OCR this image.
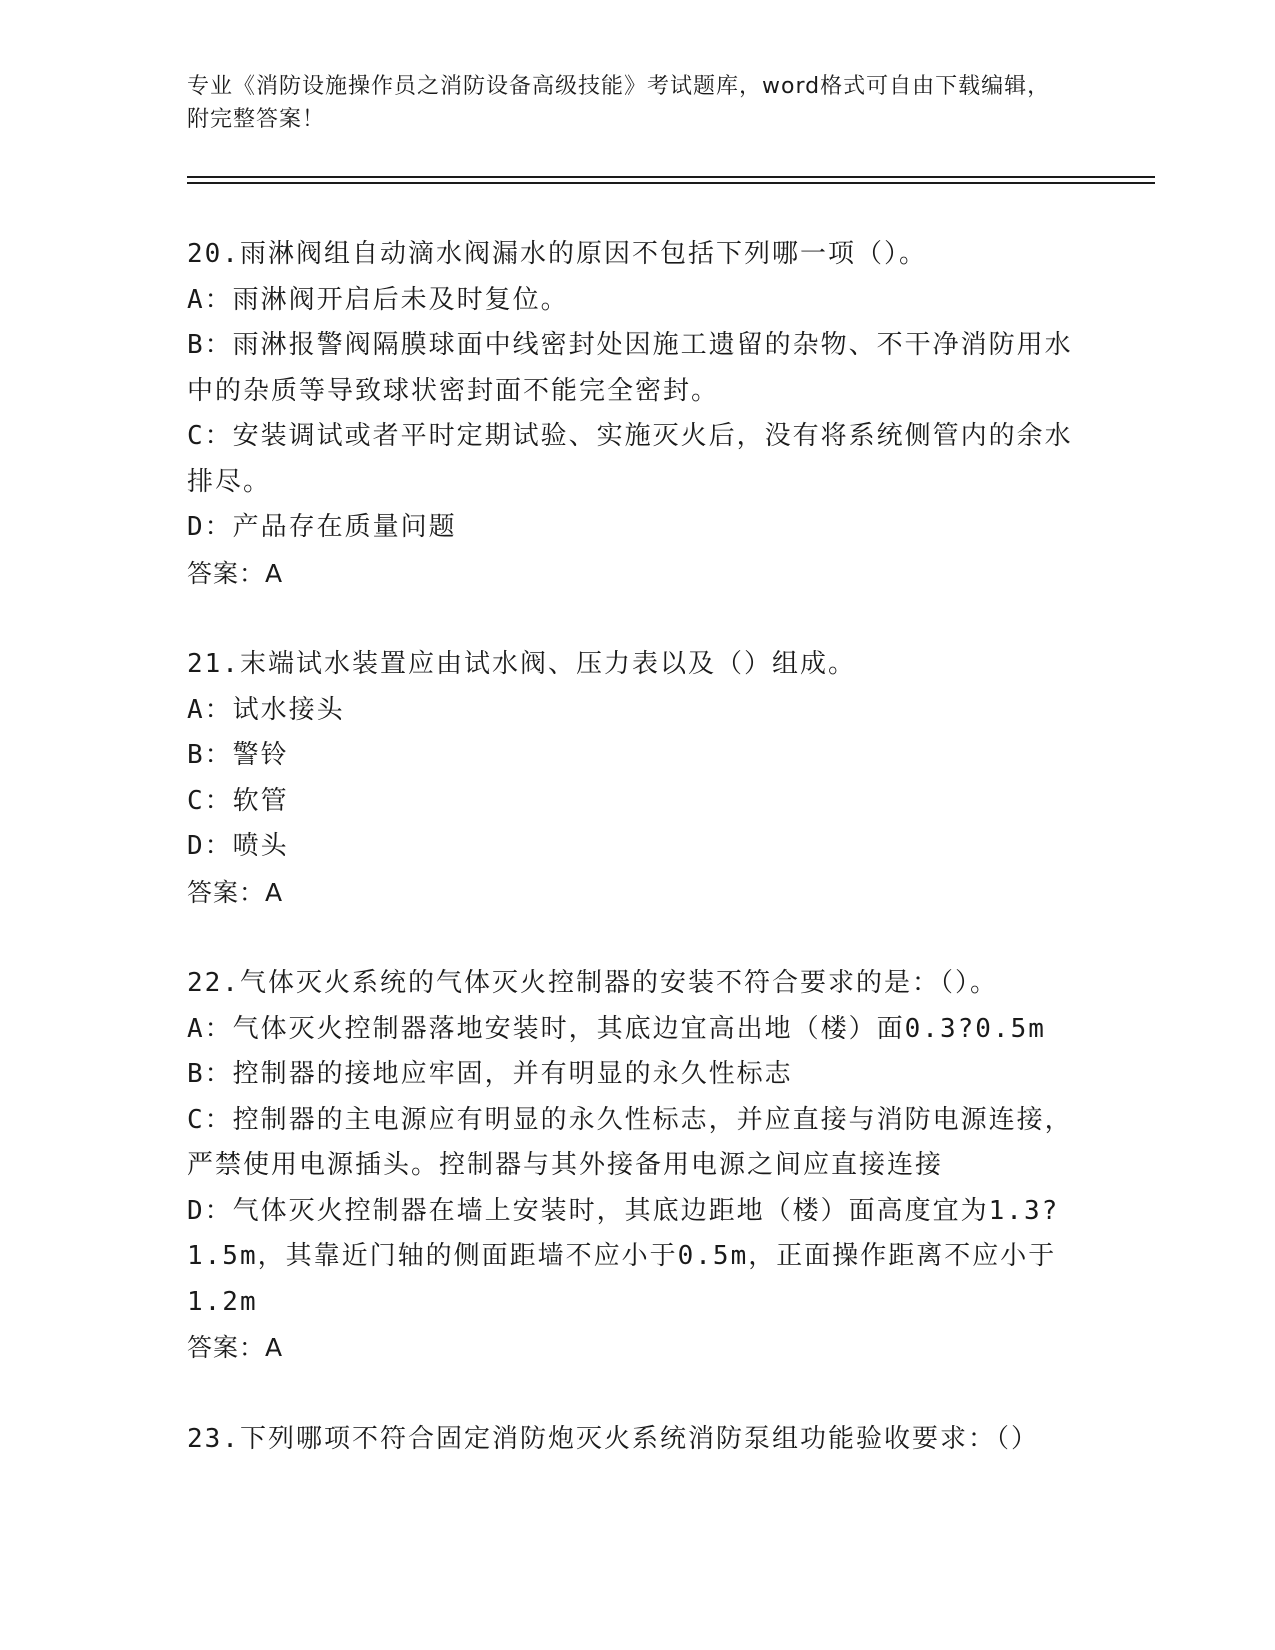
专业《消防设施操作员之消防设备高级技能》考试题库，word格式可自由下载编辑，附完整答案！
20.雨淋阀组自动滴水阀漏水的原因不包括下列哪一项（）。
A：雨淋阀开启后未及时复位。
B：雨淋报警阀隔膜球面中线密封处因施工遗留的杂物、不干净消防用水中的杂质等导致球状密封面不能完全密封。
C：安装调试或者平时定期试验、实施灭火后，没有将系统侧管内的余水排尽。
D：产品存在质量问题
答案：A
21.末端试水装置应由试水阀、压力表以及（）组成。
A：试水接头
B：警铃
C：软管
D：喷头
答案：A
22.气体灭火系统的气体灭火控制器的安装不符合要求的是：（）。
A：气体灭火控制器落地安装时，其底边宜高出地（楼）面0.3?0.5m
B：控制器的接地应牢固，并有明显的永久性标志
C：控制器的主电源应有明显的永久性标志，并应直接与消防电源连接，严禁使用电源插头。控制器与其外接备用电源之间应直接连接
D：气体灭火控制器在墙上安装时，其底边距地（楼）面高度宜为1.3?1.5m，其靠近门轴的侧面距墙不应小于0.5m，正面操作距离不应小于1.2m
答案：A
23.下列哪项不符合固定消防炮灭火系统消防泵组功能验收要求：（）
